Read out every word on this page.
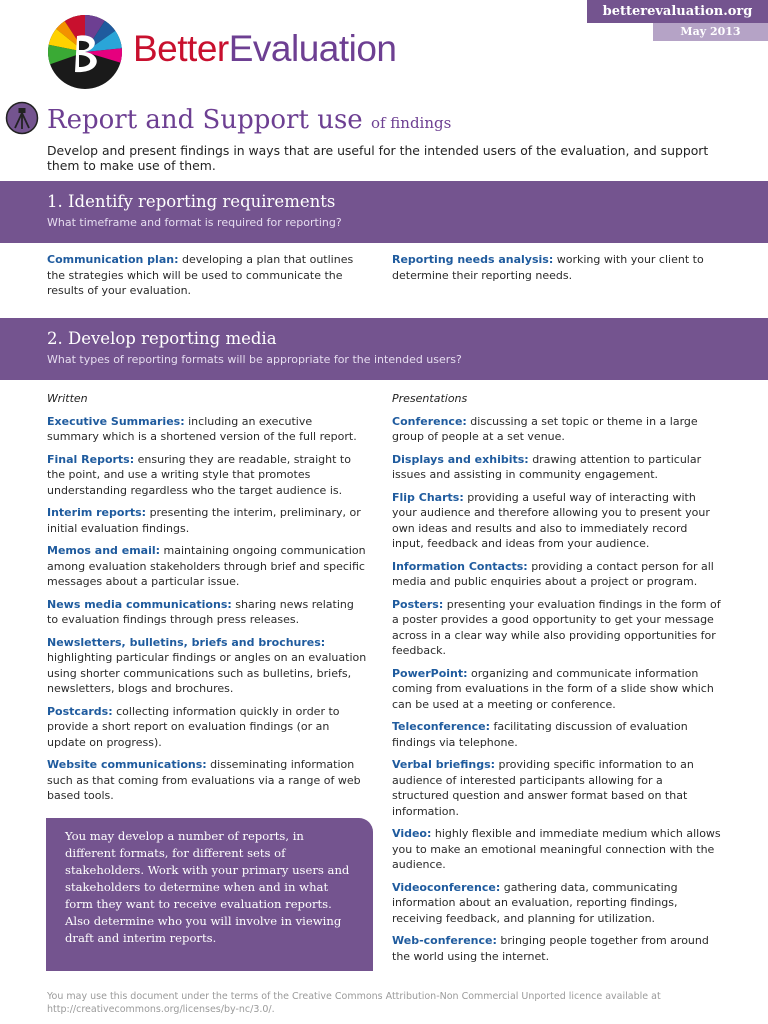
BetterEvaluation
betterevaluation.org
May 2013
Report and Support use of findings
Develop and present findings in ways that are useful for the intended users of the evaluation, and support them to make use of them.
1. Identify reporting requirements
What timeframe and format is required for reporting?
Communication plan: developing a plan that outlines the strategies which will be used to communicate the results of your evaluation.
Reporting needs analysis: working with your client to determine their reporting needs.
2. Develop reporting media
What types of reporting formats will be appropriate for the intended users?
Written
Executive Summaries: including an executive summary which is a shortened version of the full report.
Final Reports: ensuring they are readable, straight to the point, and use a writing style that promotes understanding regardless who the target audience is.
Interim reports: presenting the interim, preliminary, or initial evaluation findings.
Memos and email: maintaining ongoing communication among evaluation stakeholders through brief and specific messages about a particular issue.
News media communications: sharing news relating to evaluation findings through press releases.
Newsletters, bulletins, briefs and brochures: highlighting particular findings or angles on an evaluation using shorter communications such as bulletins, briefs, newsletters, blogs and brochures.
Postcards: collecting information quickly in order to provide a short report on evaluation findings (or an update on progress).
Website communications: disseminating information such as that coming from evaluations via a range of web based tools.
You may develop a number of reports, in different formats, for different sets of stakeholders. Work with your primary users and stakeholders to determine when and in what form they want to receive evaluation reports. Also determine who you will involve in viewing draft and interim reports.
Presentations
Conference: discussing a set topic or theme in a large group of people at a set venue.
Displays and exhibits: drawing attention to particular issues and assisting in community engagement.
Flip Charts: providing a useful way of interacting with your audience and therefore allowing you to present your own ideas and results and also to immediately record input, feedback and ideas from your audience.
Information Contacts: providing a contact person for all media and public enquiries about a project or program.
Posters: presenting your evaluation findings in the form of a poster provides a good opportunity to get your message across in a clear way while also providing opportunities for feedback.
PowerPoint: organizing and communicate information coming from evaluations in the form of a slide show which can be used at a meeting or conference.
Teleconference: facilitating discussion of evaluation findings via telephone.
Verbal briefings: providing specific information to an audience of interested participants allowing for a structured question and answer format based on that information.
Video: highly flexible and immediate medium which allows you to make an emotional meaningful connection with the audience.
Videoconference: gathering data, communicating information about an evaluation, reporting findings, receiving feedback, and planning for utilization.
Web-conference: bringing people together from around the world using the internet.
You may use this document under the terms of the Creative Commons Attribution-Non Commercial Unported licence available at http://creativecommons.org/licenses/by-nc/3.0/.
